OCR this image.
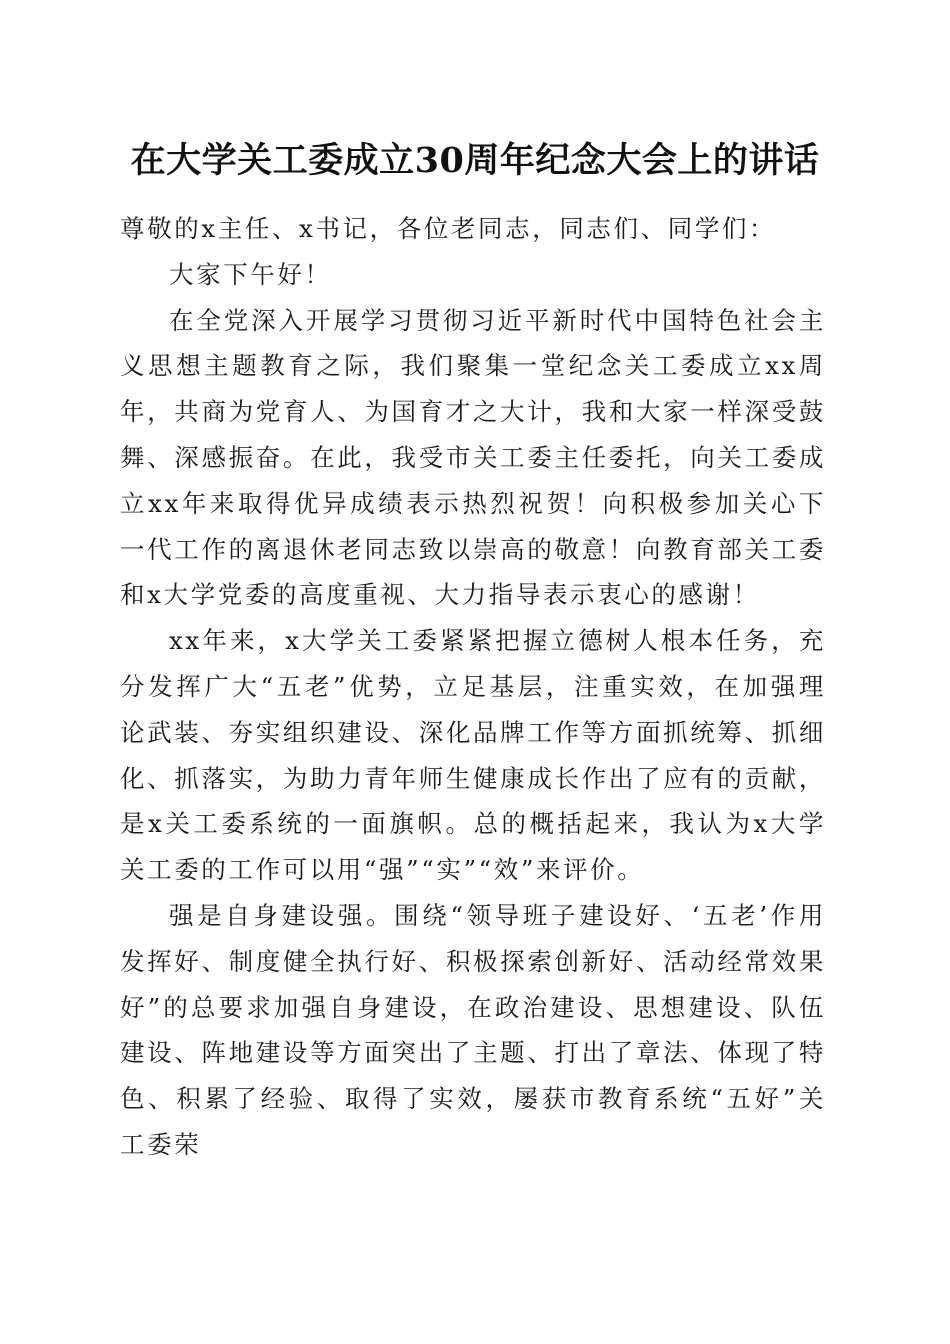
在大学关工委成立30周年纪念大会上的讲话

尊敬的x主任、x书记，各位老同志，同志们、同学们：

大家下午好！

在全党深入开展学习贯彻习近平新时代中国特色社会主义思想主题教育之际，我们聚集一堂纪念关工委成立xx周年，共商为党育人、为国育才之大计，我和大家一样深受鼓舞、深感振奋。在此，我受市关工委主任委托，向关工委成立xx年来取得优异成绩表示热烈祝贺！向积极参加关心下一代工作的离退休老同志致以崇高的敬意！向教育部关工委和x大学党委的高度重视、大力指导表示衷心的感谢！

xx年来，x大学关工委紧紧把握立德树人根本任务，充分发挥广大“五老”优势，立足基层，注重实效，在加强理论武装、夯实组织建设、深化品牌工作等方面抓统筹、抓细化、抓落实，为助力青年师生健康成长作出了应有的贡献，是x关工委系统的一面旗帜。总的概括起来，我认为x大学关工委的工作可以用“强”“实”“效”来评价。

强是自身建设强。围绕“领导班子建设好、‘五老’作用发挥好、制度健全执行好、积极探索创新好、活动经常效果好”的总要求加强自身建设，在政治建设、思想建设、队伍建设、阵地建设等方面突出了主题、打出了章法、体现了特色、积累了经验、取得了实效，屡获市教育系统“五好”关工委荣
